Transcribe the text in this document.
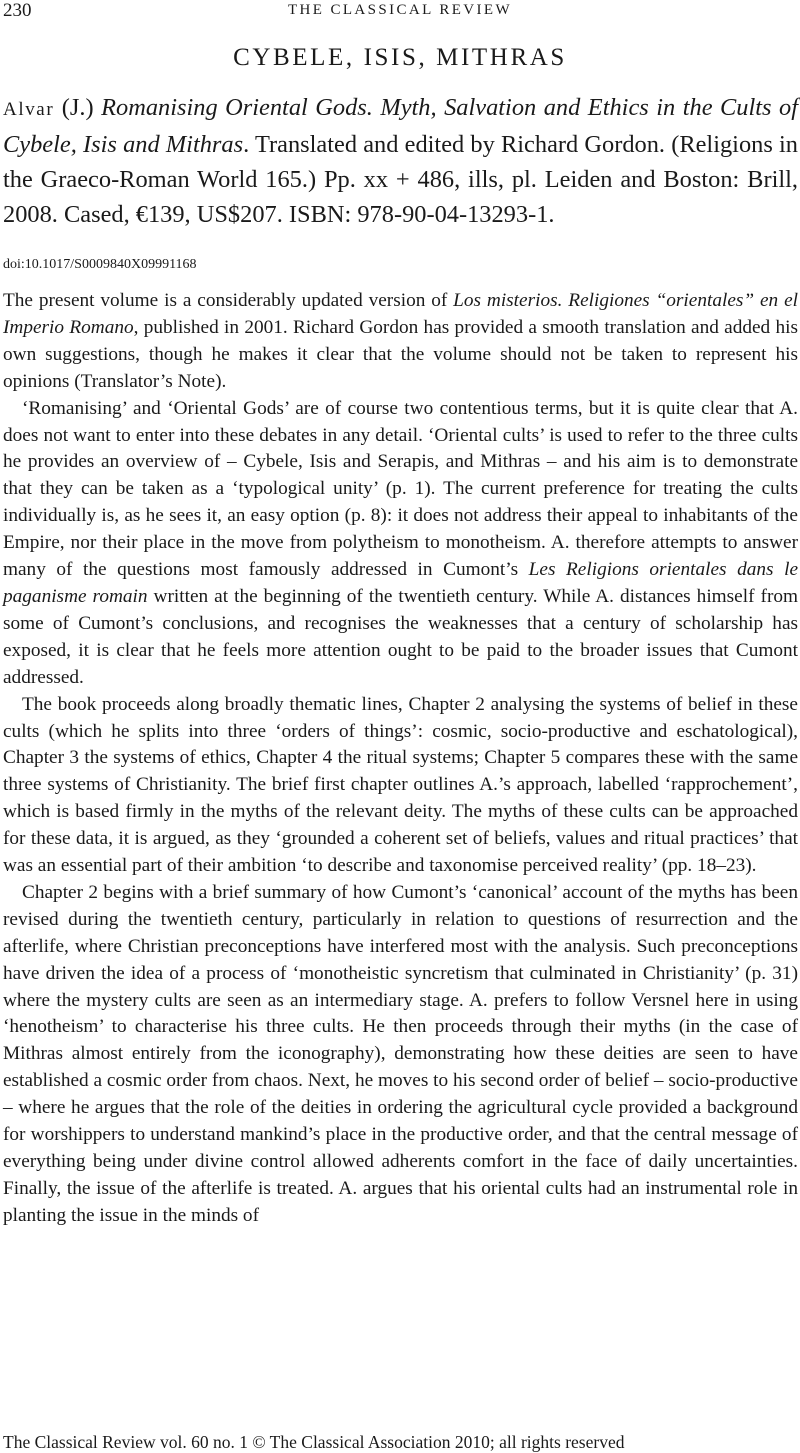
230	THE CLASSICAL REVIEW
CYBELE, ISIS, MITHRAS
Alvar (J.) Romanising Oriental Gods. Myth, Salvation and Ethics in the Cults of Cybele, Isis and Mithras. Translated and edited by Richard Gordon. (Religions in the Graeco-Roman World 165.) Pp. xx + 486, ills, pl. Leiden and Boston: Brill, 2008. Cased, €139, US$207. ISBN: 978-90-04-13293-1.
doi:10.1017/S0009840X09991168

The present volume is a considerably updated version of Los misterios. Religiones “orientales” en el Imperio Romano, published in 2001. Richard Gordon has provided a smooth translation and added his own suggestions, though he makes it clear that the volume should not be taken to represent his opinions (Translator’s Note).

‘Romanising’ and ‘Oriental Gods’ are of course two contentious terms, but it is quite clear that A. does not want to enter into these debates in any detail. ‘Oriental cults’ is used to refer to the three cults he provides an overview of – Cybele, Isis and Serapis, and Mithras – and his aim is to demonstrate that they can be taken as a ‘typological unity’ (p. 1). The current preference for treating the cults individually is, as he sees it, an easy option (p. 8): it does not address their appeal to inhabitants of the Empire, nor their place in the move from polytheism to monotheism. A. therefore attempts to answer many of the questions most famously addressed in Cumont’s Les Religions orientales dans le paganisme romain written at the beginning of the twentieth century. While A. distances himself from some of Cumont’s conclusions, and recognises the weaknesses that a century of scholarship has exposed, it is clear that he feels more attention ought to be paid to the broader issues that Cumont addressed.

The book proceeds along broadly thematic lines, Chapter 2 analysing the systems of belief in these cults (which he splits into three ‘orders of things’: cosmic, socio-productive and eschatological), Chapter 3 the systems of ethics, Chapter 4 the ritual systems; Chapter 5 compares these with the same three systems of Christianity. The brief first chapter outlines A.’s approach, labelled ‘rapprochement’, which is based firmly in the myths of the relevant deity. The myths of these cults can be approached for these data, it is argued, as they ‘grounded a coherent set of beliefs, values and ritual practices’ that was an essential part of their ambition ‘to describe and taxonomise perceived reality’ (pp. 18–23).

Chapter 2 begins with a brief summary of how Cumont’s ‘canonical’ account of the myths has been revised during the twentieth century, particularly in relation to questions of resurrection and the afterlife, where Christian preconceptions have interfered most with the analysis. Such preconceptions have driven the idea of a process of ‘monotheistic syncretism that culminated in Christianity’ (p. 31) where the mystery cults are seen as an intermediary stage. A. prefers to follow Versnel here in using ‘henotheism’ to characterise his three cults. He then proceeds through their myths (in the case of Mithras almost entirely from the iconography), demonstrating how these deities are seen to have established a cosmic order from chaos. Next, he moves to his second order of belief – socio-productive – where he argues that the role of the deities in ordering the agricultural cycle provided a background for worshippers to understand mankind’s place in the productive order, and that the central message of everything being under divine control allowed adherents comfort in the face of daily uncertainties. Finally, the issue of the afterlife is treated. A. argues that his oriental cults had an instrumental role in planting the issue in the minds of

The Classical Review vol. 60 no. 1 © The Classical Association 2010; all rights reserved
